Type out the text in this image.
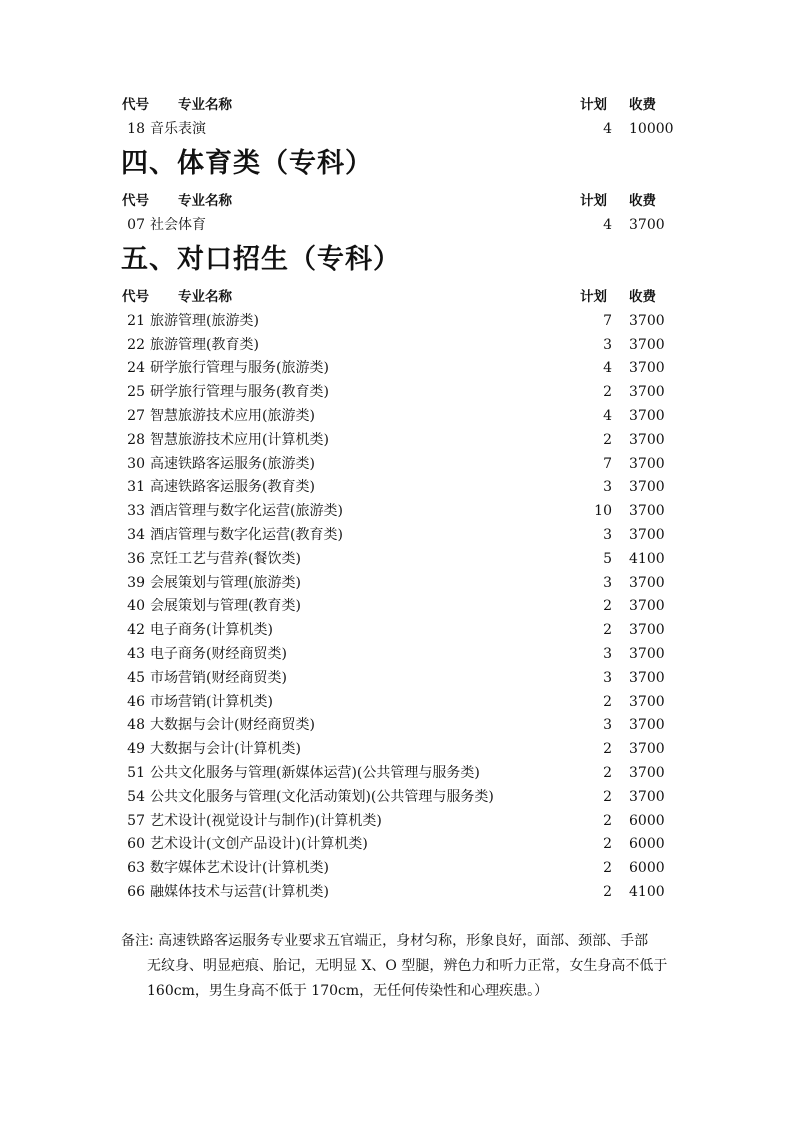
代号 专业名称	计划 收费
18 音乐表演	4 10000
四、体育类（专科）
代号 专业名称	计划 收费
07 社会体育	4 3700
五、对口招生（专科）
代号 专业名称	计划 收费
21 旅游管理(旅游类)	7 3700
22 旅游管理(教育类)	3 3700
24 研学旅行管理与服务(旅游类)	4 3700
25 研学旅行管理与服务(教育类)	2 3700
27 智慧旅游技术应用(旅游类)	4 3700
28 智慧旅游技术应用(计算机类)	2 3700
30 高速铁路客运服务(旅游类)	7 3700
31 高速铁路客运服务(教育类)	3 3700
33 酒店管理与数字化运营(旅游类)	10 3700
34 酒店管理与数字化运营(教育类)	3 3700
36 烹饪工艺与营养(餐饮类)	5 4100
39 会展策划与管理(旅游类)	3 3700
40 会展策划与管理(教育类)	2 3700
42 电子商务(计算机类)	2 3700
43 电子商务(财经商贸类)	3 3700
45 市场营销(财经商贸类)	3 3700
46 市场营销(计算机类)	2 3700
48 大数据与会计(财经商贸类)	3 3700
49 大数据与会计(计算机类)	2 3700
51 公共文化服务与管理(新媒体运营)(公共管理与服务类)	2 3700
54 公共文化服务与管理(文化活动策划)(公共管理与服务类)	2 3700
57 艺术设计(视觉设计与制作)(计算机类)	2 6000
60 艺术设计(文创产品设计)(计算机类)	2 6000
63 数字媒体艺术设计(计算机类)	2 6000
66 融媒体技术与运营(计算机类)	2 4100

备注: 高速铁路客运服务专业要求五官端正，身材匀称，形象良好，面部、颈部、手部

无纹身、明显疤痕、胎记，无明显 X、O 型腿，辨色力和听力正常，女生身高不低于

160cm，男生身高不低于 170cm，无任何传染性和心理疾患。）
